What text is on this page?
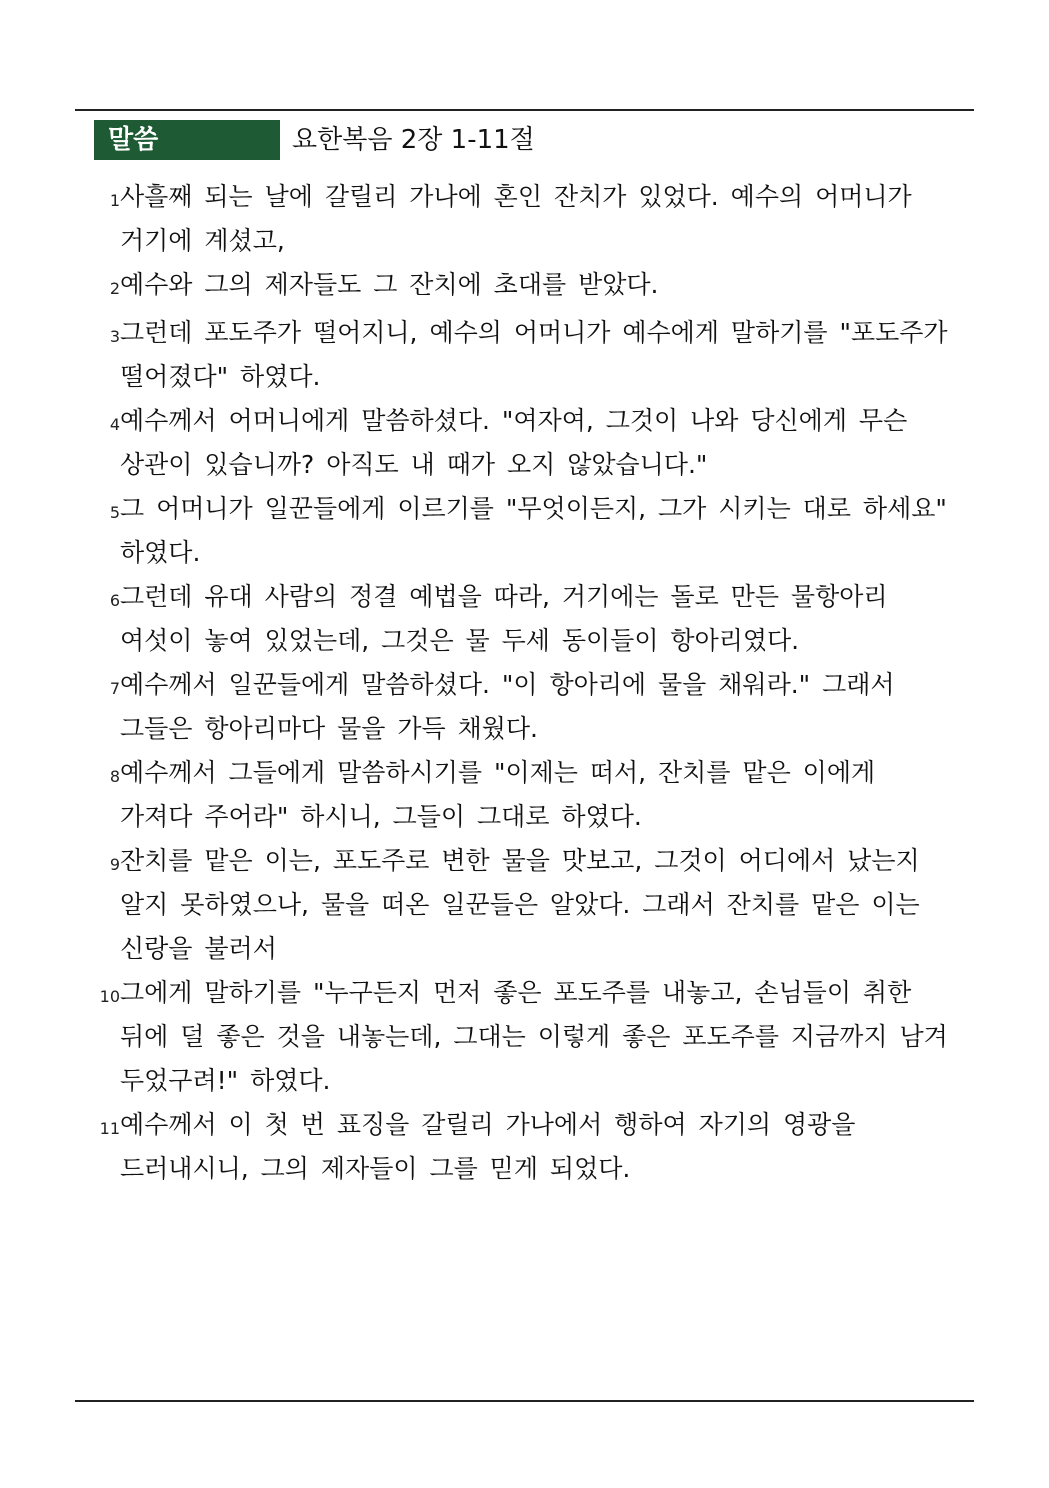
말씀	요한복음 2장 1-11절
1 사흘째 되는 날에 갈릴리 가나에 혼인 잔치가 있었다. 예수의 어머니가
거기에 계셨고,
2 예수와 그의 제자들도 그 잔치에 초대를 받았다.
3 그런데 포도주가 떨어지니, 예수의 어머니가 예수에게 말하기를 "포도주가
떨어졌다" 하였다.
4 예수께서 어머니에게 말씀하셨다. "여자여, 그것이 나와 당신에게 무슨
상관이 있습니까? 아직도 내 때가 오지 않았습니다."
5 그 어머니가 일꾼들에게 이르기를 "무엇이든지, 그가 시키는 대로 하세요"
하였다.
6 그런데 유대 사람의 정결 예법을 따라, 거기에는 돌로 만든 물항아리
여섯이 놓여 있었는데, 그것은 물 두세 동이들이 항아리였다.
7 예수께서 일꾼들에게 말씀하셨다. "이 항아리에 물을 채워라." 그래서
그들은 항아리마다 물을 가득 채웠다.
8 예수께서 그들에게 말씀하시기를 "이제는 떠서, 잔치를 맡은 이에게
가져다 주어라" 하시니, 그들이 그대로 하였다.
9 잔치를 맡은 이는, 포도주로 변한 물을 맛보고, 그것이 어디에서 났는지
알지 못하였으나, 물을 떠온 일꾼들은 알았다. 그래서 잔치를 맡은 이는
신랑을 불러서
10 그에게 말하기를 "누구든지 먼저 좋은 포도주를 내놓고, 손님들이 취한
뒤에 덜 좋은 것을 내놓는데, 그대는 이렇게 좋은 포도주를 지금까지 남겨
두었구려!" 하였다.
11 예수께서 이 첫 번 표징을 갈릴리 가나에서 행하여 자기의 영광을
드러내시니, 그의 제자들이 그를 믿게 되었다.
